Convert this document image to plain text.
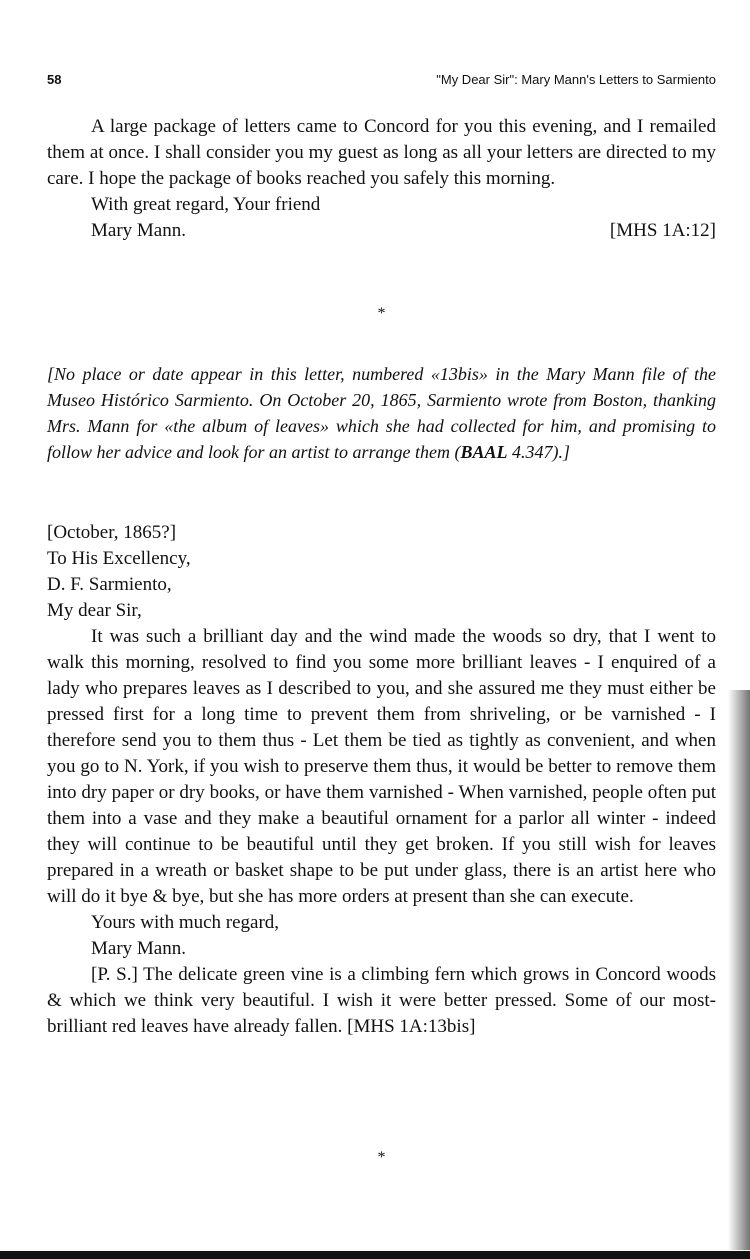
58	"My Dear Sir": Mary Mann's Letters to Sarmiento

A large package of letters came to Concord for you this evening, and I remailed them at once. I shall consider you my guest as long as all your letters are directed to my care. I hope the package of books reached you safely this morning.

With great regard, Your friend

Mary Mann.	[MHS 1A:12]
*
[No place or date appear in this letter, numbered «13bis» in the Mary Mann file of the Museo Histórico Sarmiento. On October 20, 1865, Sarmiento wrote from Boston, thanking Mrs. Mann for «the album of leaves» which she had collected for him, and promising to follow her advice and look for an artist to arrange them (BAAL 4.347).]

[October, 1865?]

To His Excellency,

D. F. Sarmiento,

My dear Sir,

It was such a brilliant day and the wind made the woods so dry, that I went to walk this morning, resolved to find you some more brilliant leaves - I enquired of a lady who prepares leaves as I described to you, and she assured me they must either be pressed first for a long time to prevent them from shriveling, or be varnished - I therefore send you to them thus - Let them be tied as tightly as convenient, and when you go to N. York, if you wish to preserve them thus, it would be better to remove them into dry paper or dry books, or have them varnished - When varnished, people often put them into a vase and they make a beautiful ornament for a parlor all winter - indeed they will continue to be beautiful until they get broken. If you still wish for leaves prepared in a wreath or basket shape to be put under glass, there is an artist here who will do it bye & bye, but she has more orders at present than she can execute.

Yours with much regard,

Mary Mann.

[P. S.] The delicate green vine is a climbing fern which grows in Concord woods & which we think very beautiful. I wish it were better pressed. Some of our most-brilliant red leaves have already fallen. [MHS 1A:13bis]

*
